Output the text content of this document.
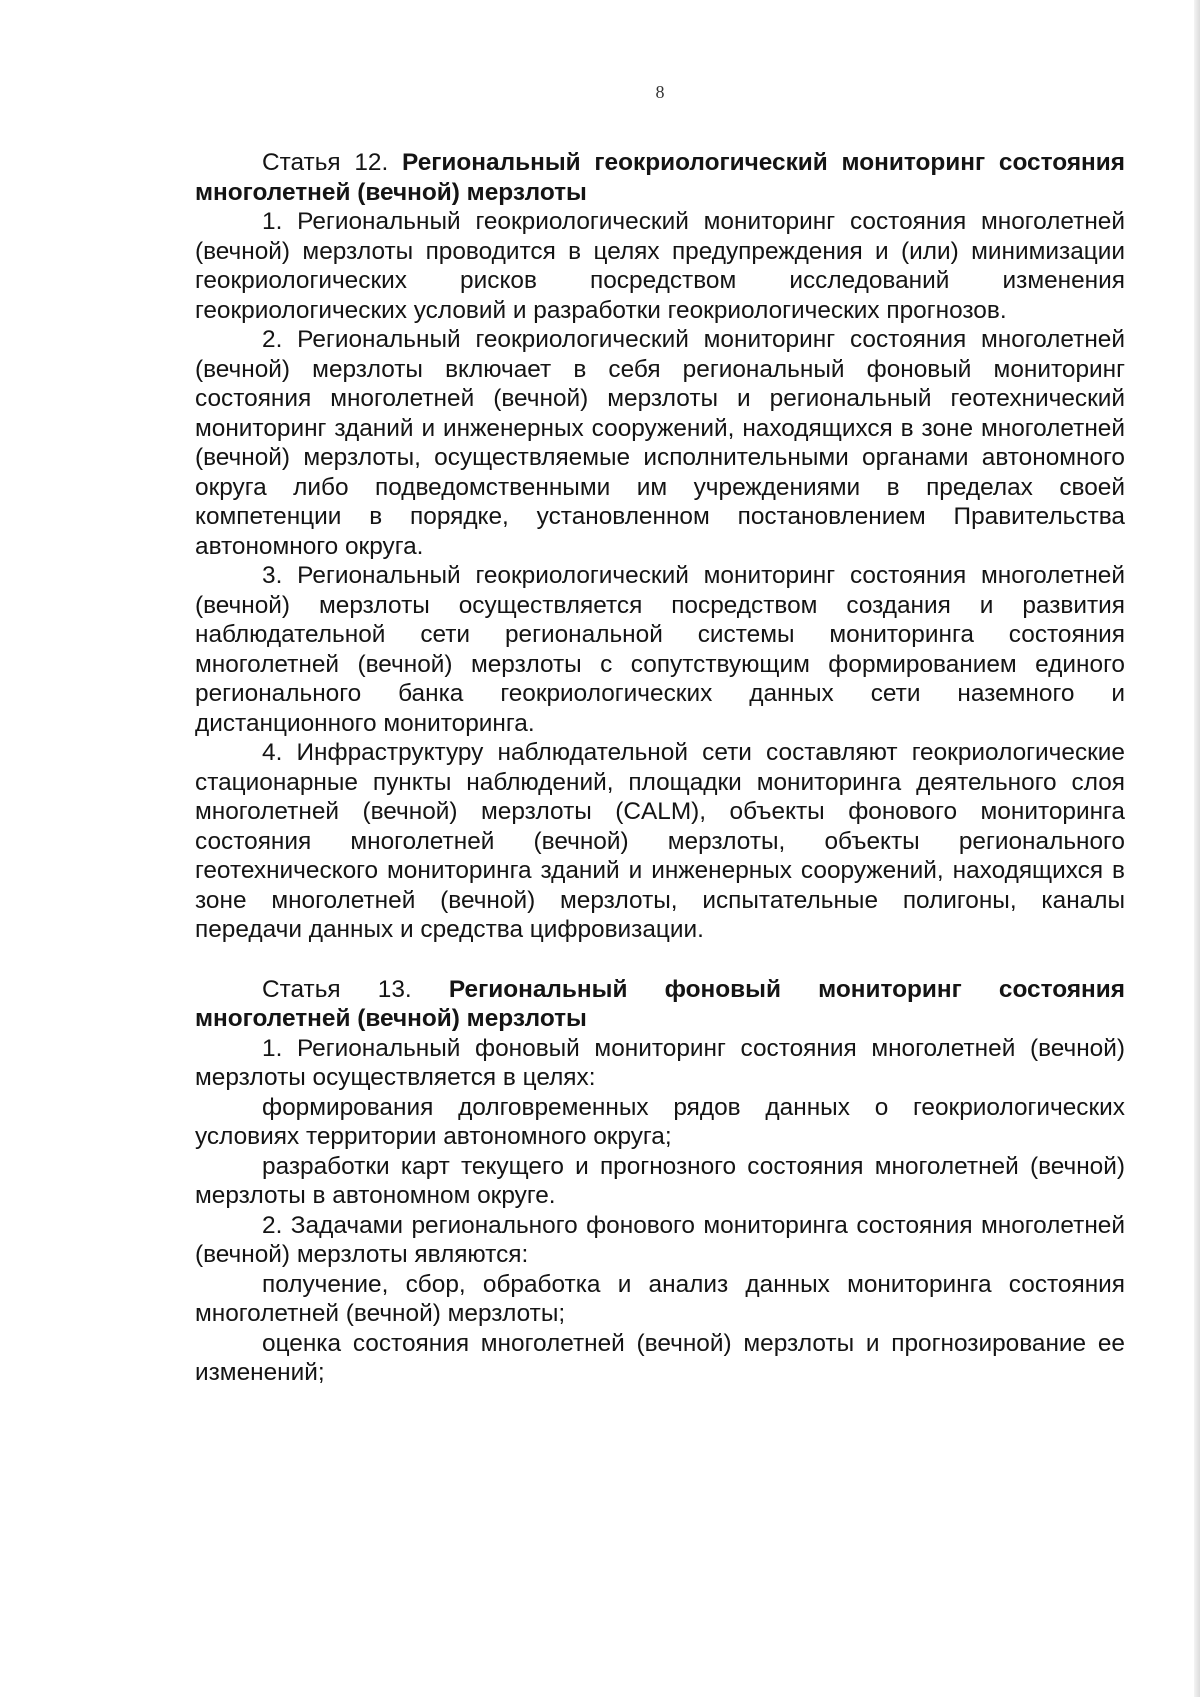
8
Статья 12. Региональный геокриологический мониторинг состояния многолетней (вечной) мерзлоты

1. Региональный геокриологический мониторинг состояния многолетней (вечной) мерзлоты проводится в целях предупреждения и (или) минимизации геокриологических рисков посредством исследований изменения геокриологических условий и разработки геокриологических прогнозов.

2. Региональный геокриологический мониторинг состояния многолетней (вечной) мерзлоты включает в себя региональный фоновый мониторинг состояния многолетней (вечной) мерзлоты и региональный геотехнический мониторинг зданий и инженерных сооружений, находящихся в зоне многолетней (вечной) мерзлоты, осуществляемые исполнительными органами автономного округа либо подведомственными им учреждениями в пределах своей компетенции в порядке, установленном постановлением Правительства автономного округа.

3. Региональный геокриологический мониторинг состояния многолетней (вечной) мерзлоты осуществляется посредством создания и развития наблюдательной сети региональной системы мониторинга состояния многолетней (вечной) мерзлоты с сопутствующим формированием единого регионального банка геокриологических данных сети наземного и дистанционного мониторинга.

4. Инфраструктуру наблюдательной сети составляют геокриологические стационарные пункты наблюдений, площадки мониторинга деятельного слоя многолетней (вечной) мерзлоты (CALM), объекты фонового мониторинга состояния многолетней (вечной) мерзлоты, объекты регионального геотехнического мониторинга зданий и инженерных сооружений, находящихся в зоне многолетней (вечной) мерзлоты, испытательные полигоны, каналы передачи данных и средства цифровизации.

Статья 13. Региональный фоновый мониторинг состояния многолетней (вечной) мерзлоты

1. Региональный фоновый мониторинг состояния многолетней (вечной) мерзлоты осуществляется в целях:

формирования долговременных рядов данных о геокриологических условиях территории автономного округа;

разработки карт текущего и прогнозного состояния многолетней (вечной) мерзлоты в автономном округе.

2. Задачами регионального фонового мониторинга состояния многолетней (вечной) мерзлоты являются:

получение, сбор, обработка и анализ данных мониторинга состояния многолетней (вечной) мерзлоты;

оценка состояния многолетней (вечной) мерзлоты и прогнозирование ее изменений;
